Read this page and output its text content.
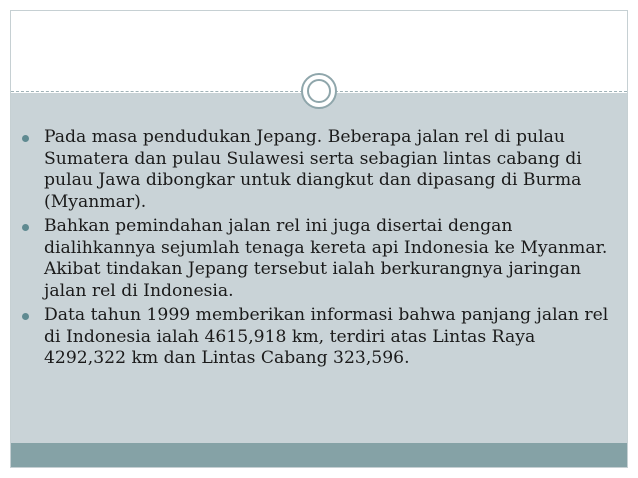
Pada masa pendudukan Jepang. Beberapa jalan rel di pulau Sumatera dan pulau Sulawesi serta sebagian lintas cabang di pulau Jawa dibongkar untuk diangkut dan dipasang di Burma (Myanmar).
Bahkan pemindahan jalan rel ini juga disertai dengan dialihkannya sejumlah tenaga kereta api Indonesia ke Myanmar. Akibat tindakan Jepang tersebut ialah berkurangnya jaringan jalan rel di Indonesia.
Data tahun 1999 memberikan informasi bahwa panjang jalan rel di Indonesia ialah 4615,918 km, terdiri atas Lintas Raya 4292,322 km dan Lintas Cabang 323,596.
